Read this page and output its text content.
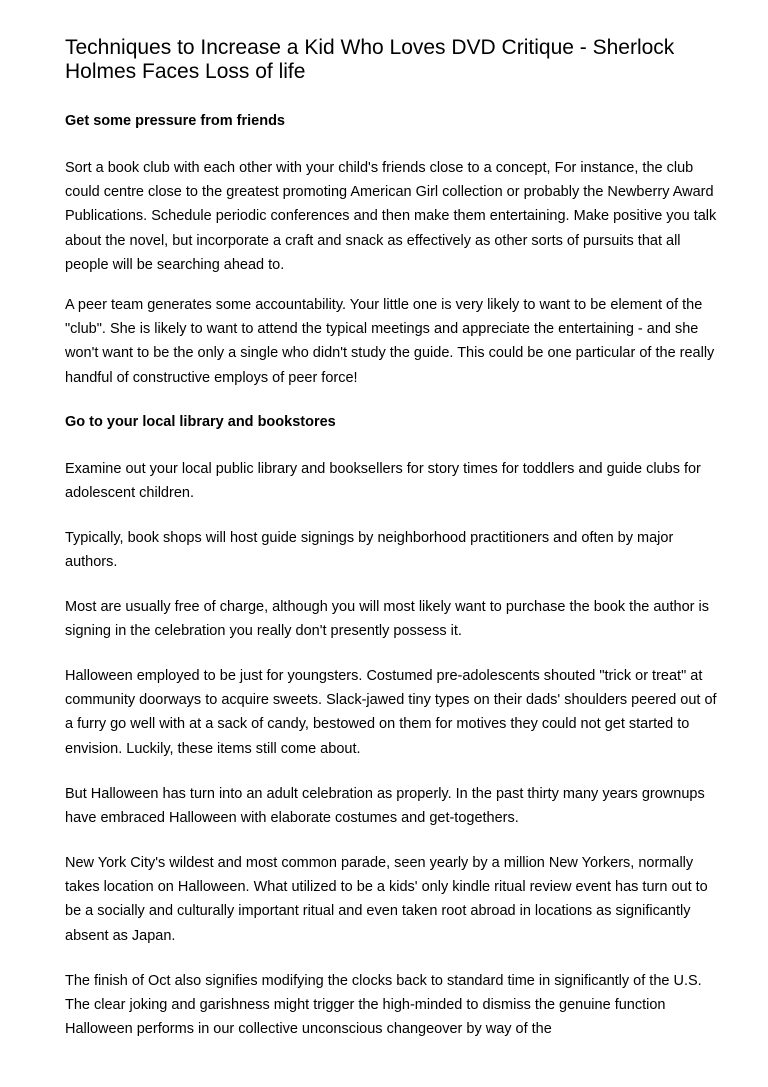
Techniques to Increase a Kid Who Loves DVD Critique - Sherlock Holmes Faces Loss of life
Get some pressure from friends

Sort a book club with each other with your child's friends close to a concept, For instance, the club could centre close to the greatest promoting American Girl collection or probably the Newberry Award Publications. Schedule periodic conferences and then make them entertaining. Make positive you talk about the novel, but incorporate a craft and snack as effectively as other sorts of pursuits that all people will be searching ahead to.

A peer team generates some accountability. Your little one is very likely to want to be element of the "club". She is likely to want to attend the typical meetings and appreciate the entertaining - and she won't want to be the only a single who didn't study the guide. This could be one particular of the really handful of constructive employs of peer force!

Go to your local library and bookstores

Examine out your local public library and booksellers for story times for toddlers and guide clubs for adolescent children.

Typically, book shops will host guide signings by neighborhood practitioners and often by major authors.

Most are usually free of charge, although you will most likely want to purchase the book the author is signing in the celebration you really don't presently possess it.

Halloween employed to be just for youngsters. Costumed pre-adolescents shouted "trick or treat" at community doorways to acquire sweets. Slack-jawed tiny types on their dads' shoulders peered out of a furry go well with at a sack of candy, bestowed on them for motives they could not get started to envision. Luckily, these items still come about.

But Halloween has turn into an adult celebration as properly. In the past thirty many years grownups have embraced Halloween with elaborate costumes and get-togethers.

New York City's wildest and most common parade, seen yearly by a million New Yorkers, normally takes location on Halloween. What utilized to be a kids' only kindle ritual review event has turn out to be a socially and culturally important ritual and even taken root abroad in locations as significantly absent as Japan.

The finish of Oct also signifies modifying the clocks back to standard time in significantly of the U.S. The clear joking and garishness might trigger the high-minded to dismiss the genuine function Halloween performs in our collective unconscious changeover by way of the
